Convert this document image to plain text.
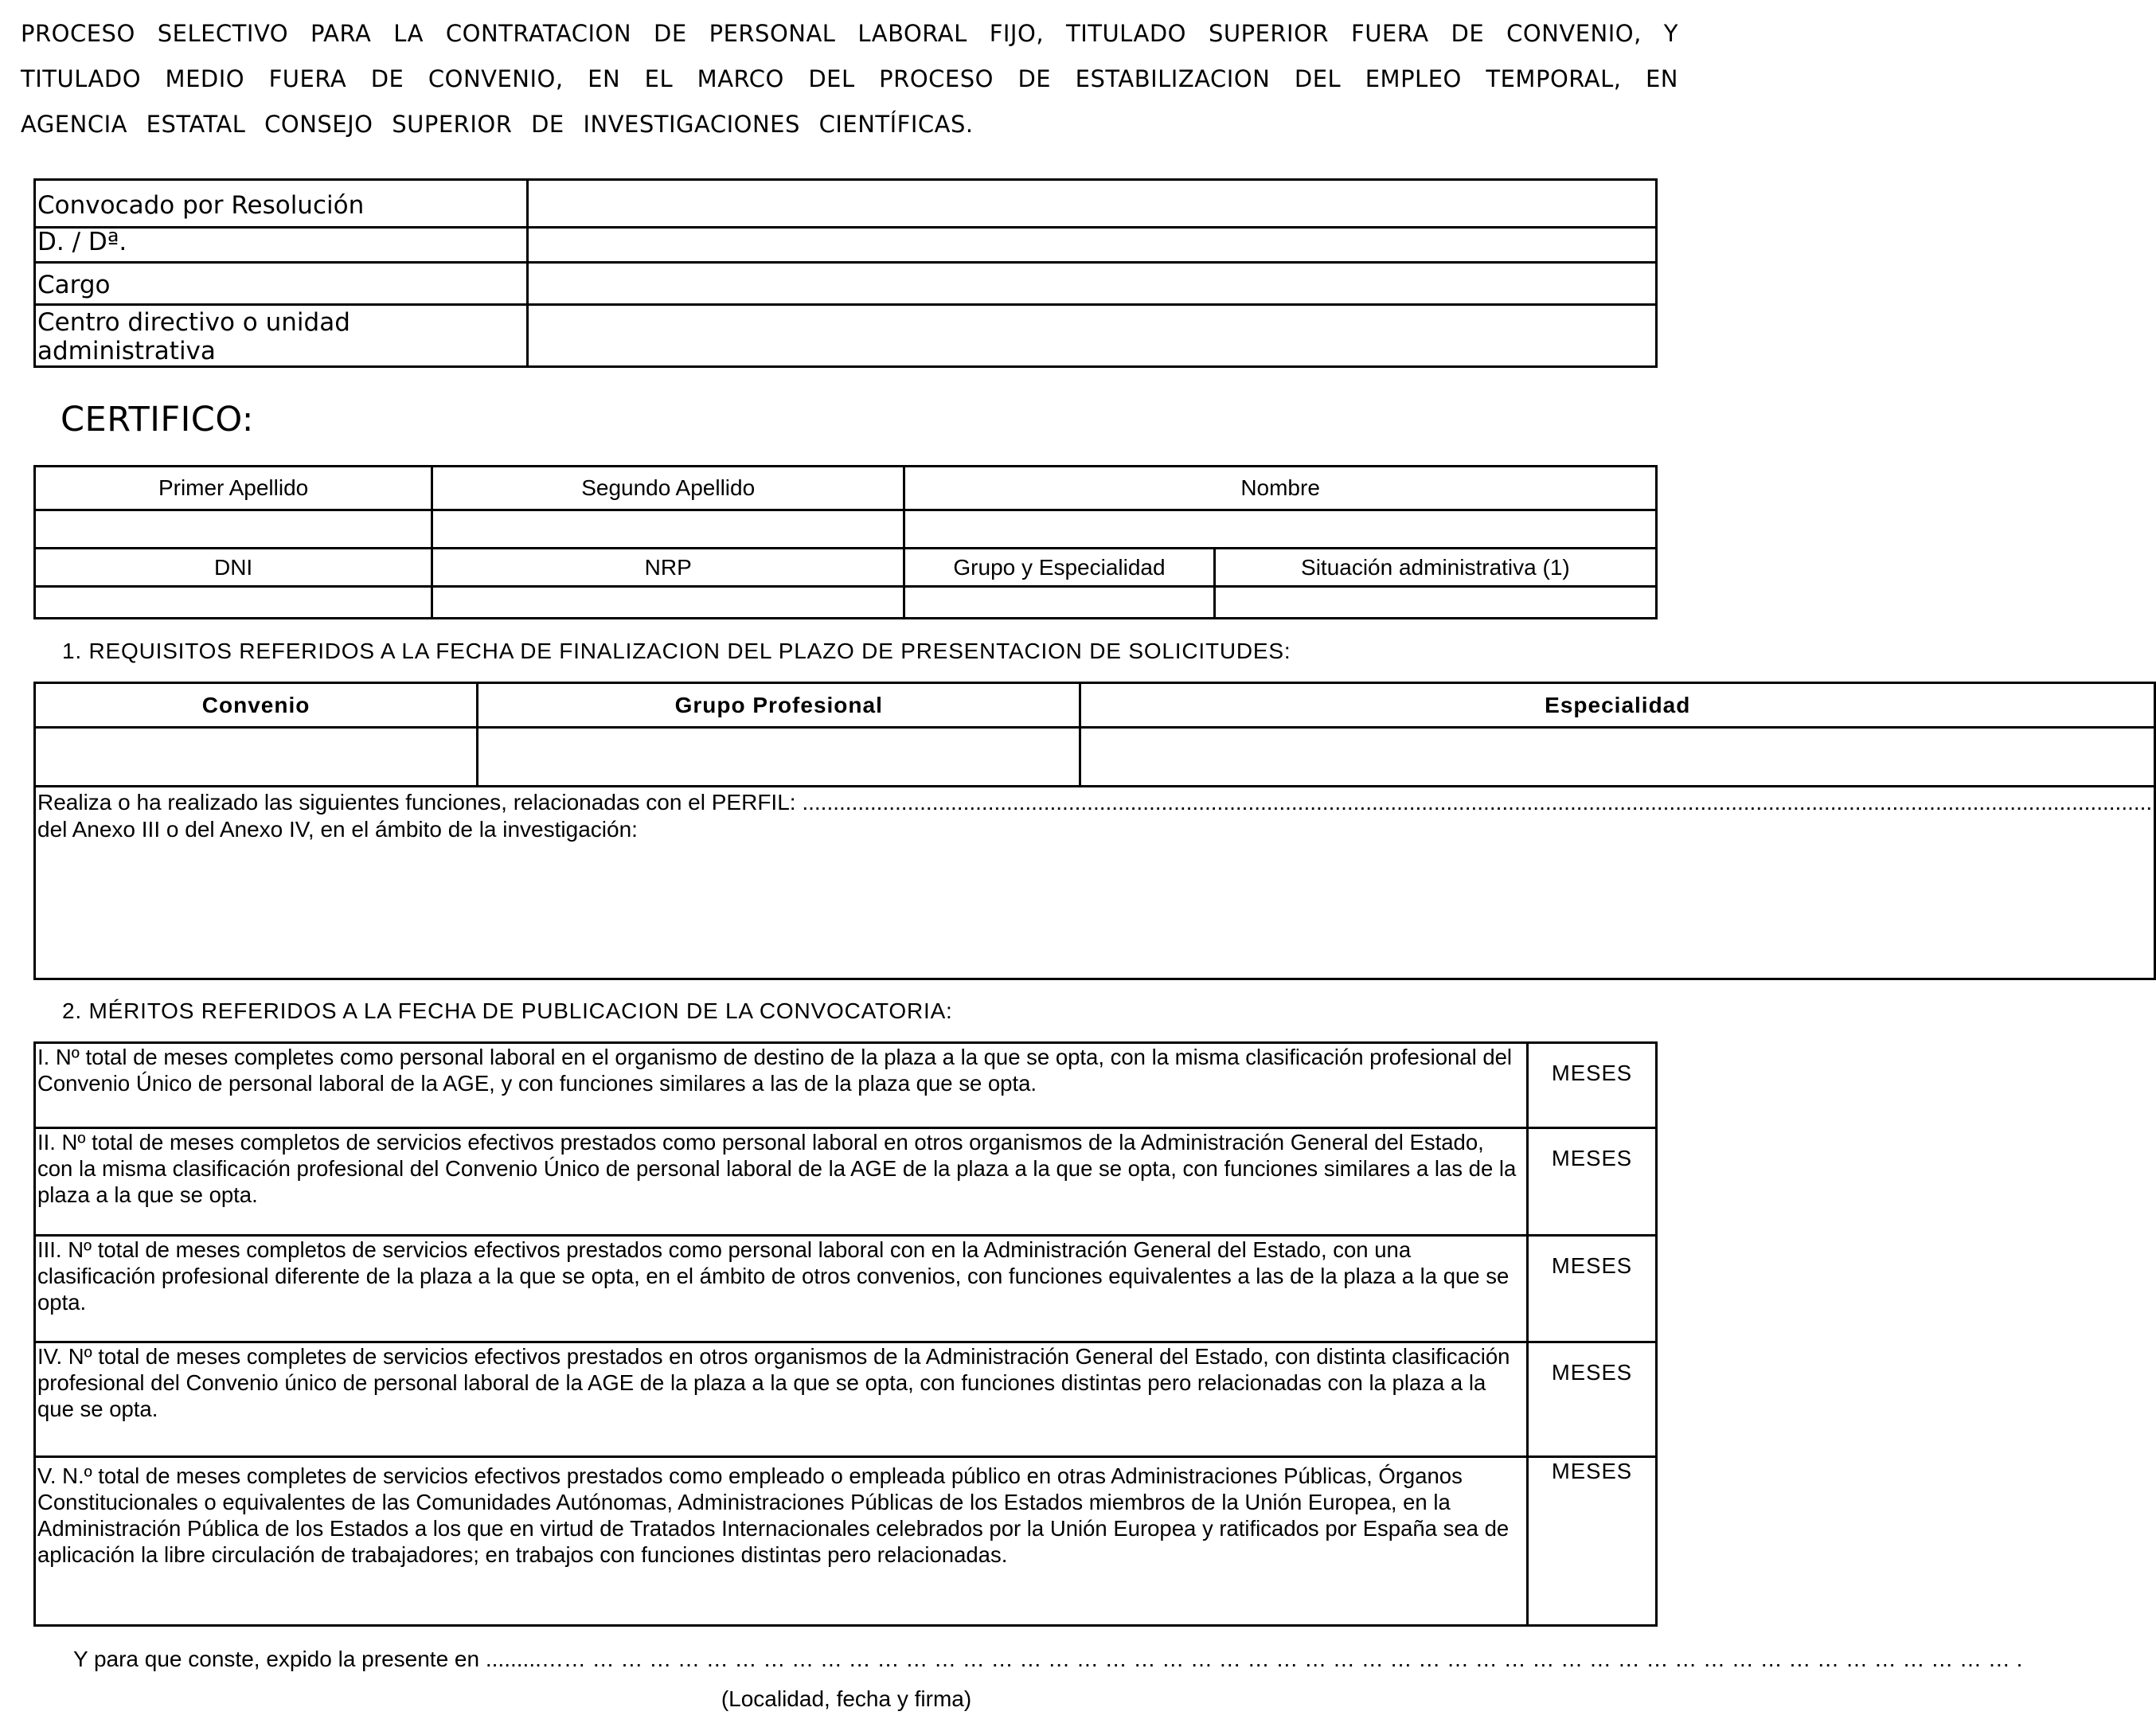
PROCESO SELECTIVO PARA LA CONTRATACION DE PERSONAL LABORAL FIJO, TITULADO SUPERIOR FUERA DE CONVENIO, Y TITULADO MEDIO FUERA DE CONVENIO, EN EL MARCO DEL PROCESO DE ESTABILIZACION DEL EMPLEO TEMPORAL, EN AGENCIA ESTATAL CONSEJO SUPERIOR DE INVESTIGACIONES CIENTÍFICAS.
Convocado por Resolución	
D. / Dª.	
Cargo	
Centro directivo o unidad administrativa	
CERTIFICO:
Primer Apellido	Segundo Apellido	Nombre	

DNI	NRP	Grupo y Especialidad	Situación administrativa (1)

1. REQUISITOS REFERIDOS A LA FECHA DE FINALIZACION DEL PLAZO DE PRESENTACION DE SOLICITUDES:
Convenio	Grupo Profesional	Especialidad

Realiza o ha realizado las siguientes funciones, relacionadas con el PERFIL: ..........................................................................................................................................................................................................................
del Anexo III o del Anexo IV, en el ámbito de la investigación:		
2. MÉRITOS REFERIDOS A LA FECHA DE PUBLICACION DE LA CONVOCATORIA:
I. Nº total de meses completes como personal laboral en el organismo de destino de la plaza a la que se opta, con la misma clasificación profesional del Convenio Único de personal laboral de la AGE, y con funciones similares a las de la plaza que se opta.	MESES
II. Nº total de meses completos de servicios efectivos prestados como personal laboral en otros organismos de la Administración General del Estado, con la misma clasificación profesional del Convenio Único de personal laboral de la AGE de la plaza a la que se opta, con funciones similares a las de la plaza a la que se opta.	MESES
III. Nº total de meses completos de servicios efectivos prestados como personal laboral con en la Administración General del Estado, con una clasificación profesional diferente de la plaza a la que se opta, en el ámbito de otros convenios, con funciones equivalentes a las de la plaza a la que se opta.	MESES
IV. Nº total de meses completes de servicios efectivos prestados en otros organismos de la Administración General del Estado, con distinta clasificación profesional del Convenio único de personal laboral de la AGE de la plaza a la que se opta, con funciones distintas pero relacionadas con la plaza a la que se opta.	MESES
V. N.º total de meses completes de servicios efectivos prestados como empleado o empleada público en otras Administraciones Públicas, Órganos Constitucionales o equivalentes de las Comunidades Autónomas, Administraciones Públicas de los Estados miembros de la Unión Europea, en la Administración Pública de los Estados a los que en virtud de Tratados Internacionales celebrados por la Unión Europea y ratificados por España sea de aplicación la libre circulación de trabajadores; en trabajos con funciones distintas pero relacionadas.	MESES
Y para que conste, expido la presente en .........…… … … … … … … … … … … … … … … … … … … … … … … … … … … … … … … … … … … … … … … … … … … … … … … … … … … .
(Localidad, fecha y firma)
